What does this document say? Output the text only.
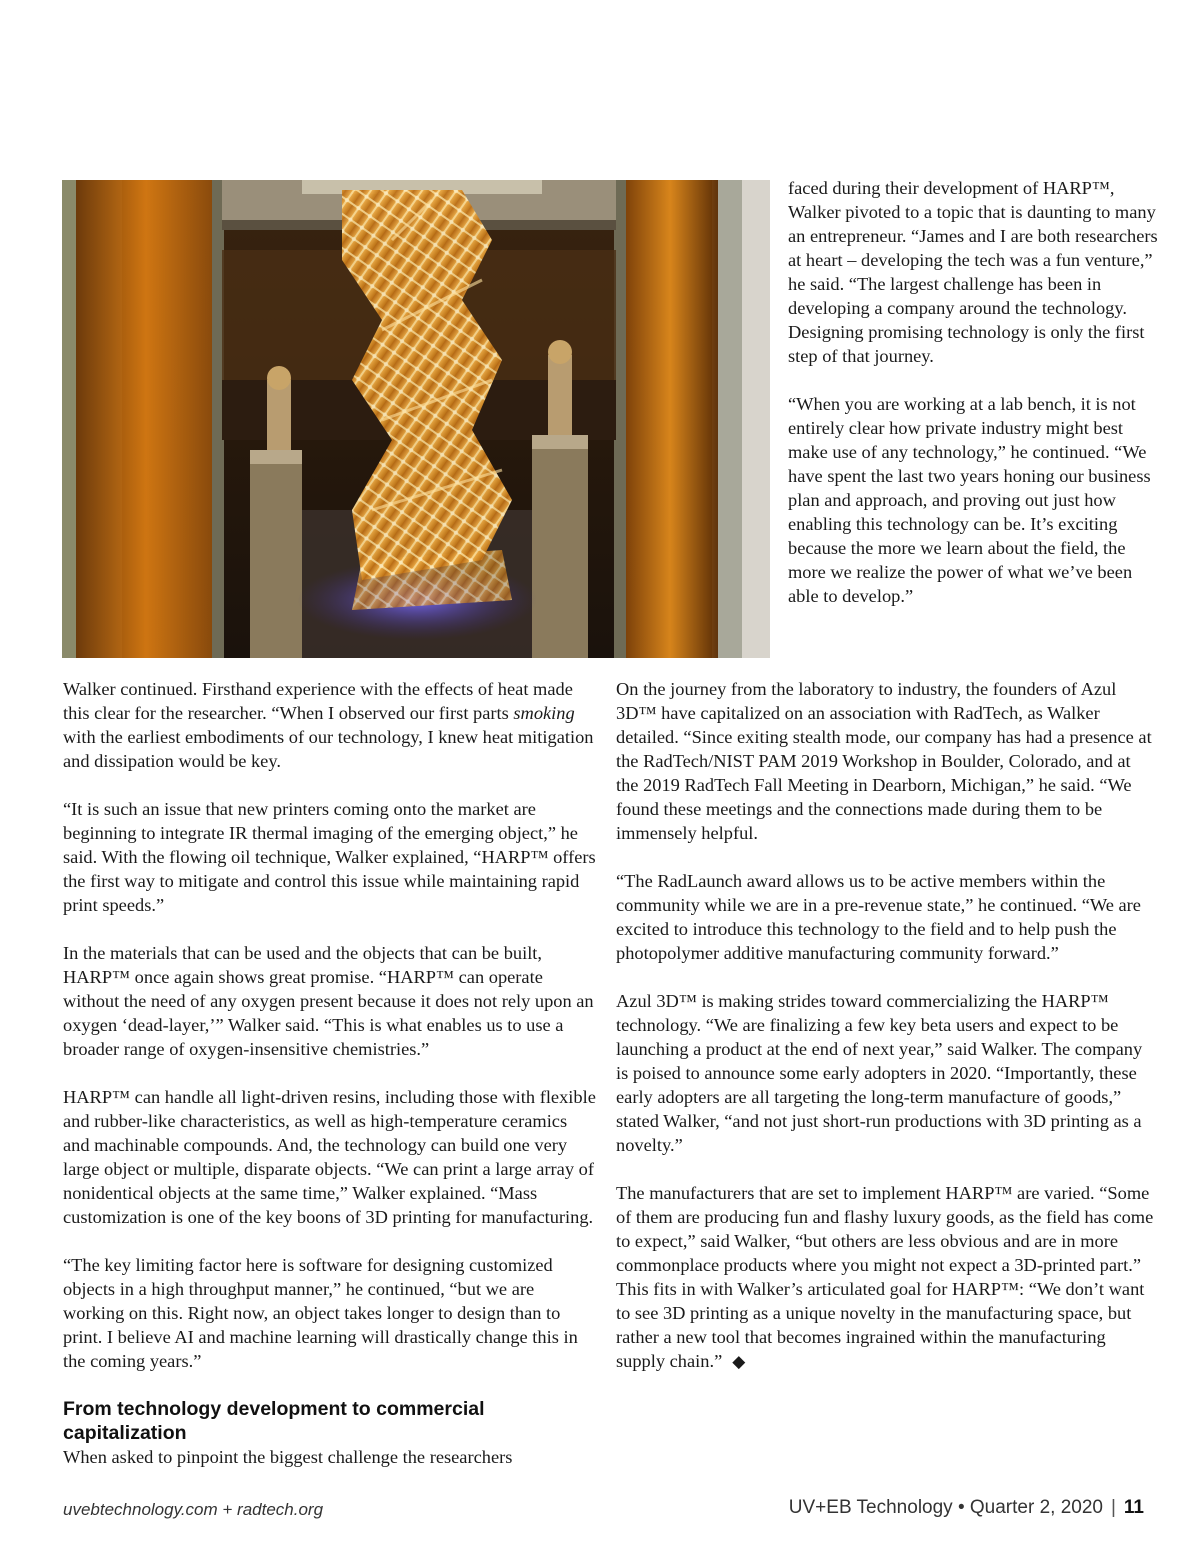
faced during their development of HARP™, Walker pivoted to a topic that is daunting to many an entrepreneur. “James and I are both researchers at heart – developing the tech was a fun venture,” he said. “The largest challenge has been in developing a company around the technology. Designing promising technology is only the first step of that journey.

“When you are working at a lab bench, it is not entirely clear how private industry might best make use of any technology,” he continued. “We have spent the last two years honing our business plan and approach, and proving out just how enabling this technology can be. It’s exciting because the more we learn about the field, the more we realize the power of what we’ve been able to develop.”

Walker continued. Firsthand experience with the effects of heat made this clear for the researcher. “When I observed our first parts smoking with the earliest embodiments of our technology, I knew heat mitigation and dissipation would be key.

“It is such an issue that new printers coming onto the market are beginning to integrate IR thermal imaging of the emerging object,” he said. With the flowing oil technique, Walker explained, “HARP™ offers the first way to mitigate and control this issue while maintaining rapid print speeds.”

In the materials that can be used and the objects that can be built, HARP™ once again shows great promise. “HARP™ can operate without the need of any oxygen present because it does not rely upon an oxygen ‘dead-layer,’” Walker said. “This is what enables us to use a broader range of oxygen-insensitive chemistries.”

HARP™ can handle all light-driven resins, including those with flexible and rubber-like characteristics, as well as high-temperature ceramics and machinable compounds. And, the technology can build one very large object or multiple, disparate objects. “We can print a large array of nonidentical objects at the same time,” Walker explained. “Mass customization is one of the key boons of 3D printing for manufacturing.

“The key limiting factor here is software for designing customized objects in a high throughput manner,” he continued, “but we are working on this. Right now, an object takes longer to design than to print. I believe AI and machine learning will drastically change this in the coming years.”

From technology development to commercial capitalization

When asked to pinpoint the biggest challenge the researchers

On the journey from the laboratory to industry, the founders of Azul 3D™ have capitalized on an association with RadTech, as Walker detailed. “Since exiting stealth mode, our company has had a presence at the RadTech/NIST PAM 2019 Workshop in Boulder, Colorado, and at the 2019 RadTech Fall Meeting in Dearborn, Michigan,” he said. “We found these meetings and the connections made during them to be immensely helpful.

“The RadLaunch award allows us to be active members within the community while we are in a pre-revenue state,” he continued. “We are excited to introduce this technology to the field and to help push the photopolymer additive manufacturing community forward.”

Azul 3D™ is making strides toward commercializing the HARP™ technology. “We are finalizing a few key beta users and expect to be launching a product at the end of next year,” said Walker. The company is poised to announce some early adopters in 2020. “Importantly, these early adopters are all targeting the long-term manufacture of goods,” stated Walker, “and not just short-run productions with 3D printing as a novelty.”

The manufacturers that are set to implement HARP™ are varied. “Some of them are producing fun and flashy luxury goods, as the field has come to expect,” said Walker, “but others are less obvious and are in more commonplace products where you might not expect a 3D-printed part.” This fits in with Walker’s articulated goal for HARP™: “We don’t want to see 3D printing as a unique novelty in the manufacturing space, but rather a new tool that becomes ingrained within the manufacturing supply chain.” ◆

uvebtechnology.com + radtech.org	UV+EB Technology • Quarter 2, 2020 | 11
